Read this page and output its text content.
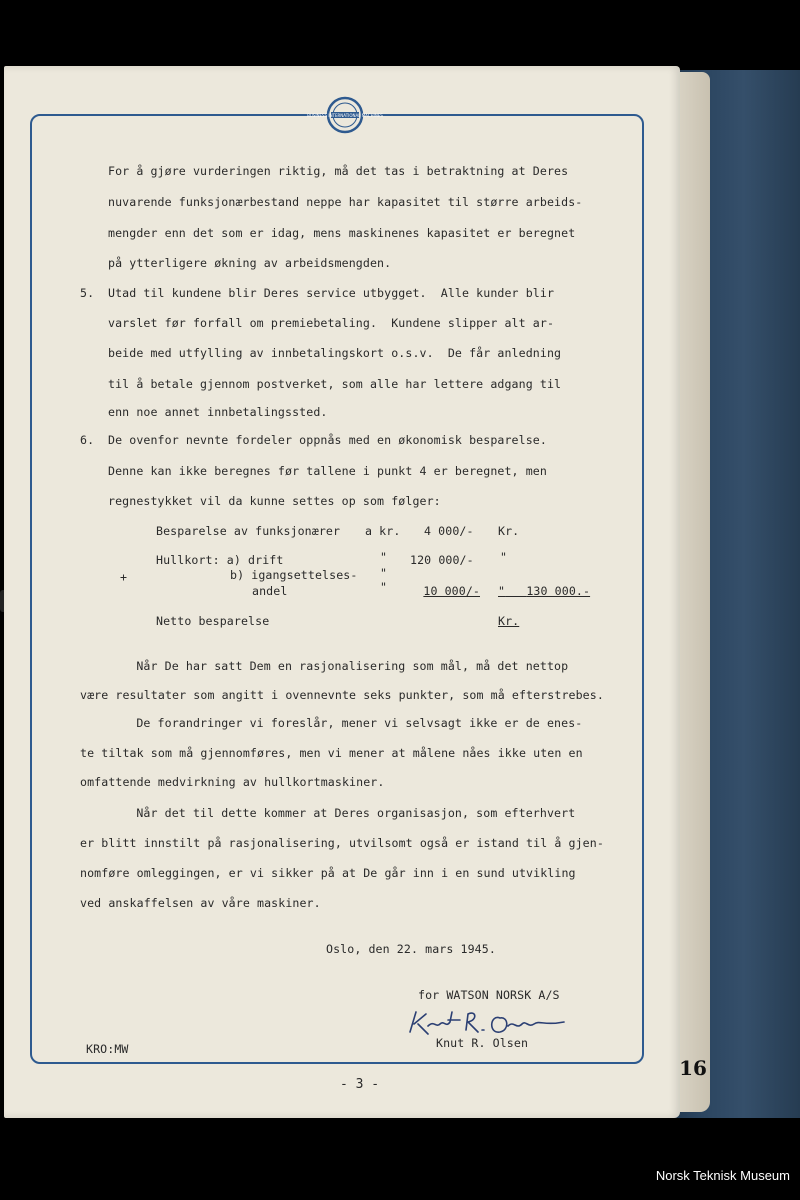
BUSINESS INTERNATIONAL MACHINES
For å gjøre vurderingen riktig, må det tas i betraktning at Deres
nuvarende funksjonærbestand neppe har kapasitet til større arbeids-
mengder enn det som er idag, mens maskinenes kapasitet er beregnet
på ytterligere økning av arbeidsmengden.
5. Utad til kundene blir Deres service utbygget.  Alle kunder blir
varslet før forfall om premiebetaling.  Kundene slipper alt ar-
beide med utfylling av innbetalingskort o.s.v.  De får anledning
til å betale gjennom postverket, som alle har lettere adgang til
enn noe annet innbetalingssted.
6. De ovenfor nevnte fordeler oppnås med en økonomisk besparelse.
Denne kan ikke beregnes før tallene i punkt 4 er beregnet, men
regnestykket vil da kunne settes op som følger:
Besparelse av funksjonærer a kr. 4 000/- Kr.
Hullkort: a) drift	" 120 000/- "
+	b) igangsettelses- "
andel	"	10 000/- " 130 000.-
Netto besparelse	Kr.
Når De har satt Dem en rasjonalisering som mål, må det nettop
være resultater som angitt i ovennevnte seks punkter, som må efterstrebes.
De forandringer vi foreslår, mener vi selvsagt ikke er de enes-
te tiltak som må gjennomføres, men vi mener at målene nåes ikke uten en
omfattende medvirkning av hullkortmaskiner.
Når det til dette kommer at Deres organisasjon, som efterhvert
er blitt innstilt på rasjonalisering, utvilsomt også er istand til å gjen-
nomføre omleggingen, er vi sikker på at De går inn i en sund utvikling
ved anskaffelsen av våre maskiner.
Oslo, den 22. mars 1945.
for WATSON NORSK A/S
Knut R. Olsen
KRO:MW
- 3 -
16
Norsk Teknisk Museum
